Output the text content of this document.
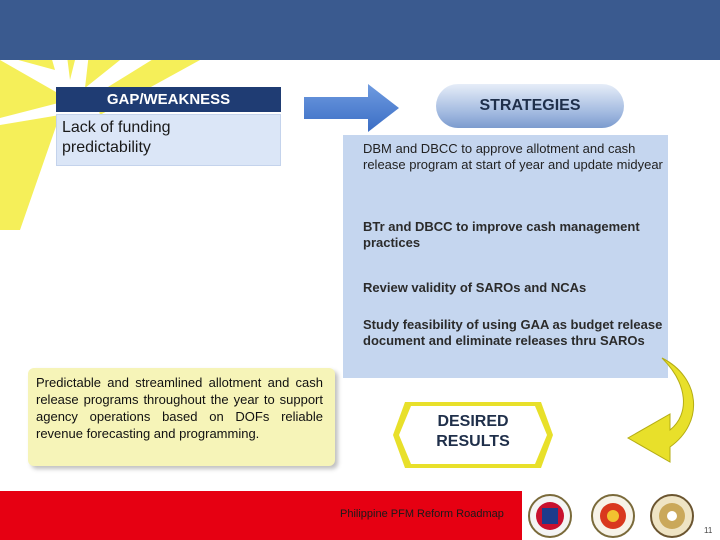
GAP/WEAKNESS
Lack of funding
predictability
STRATEGIES
DBM and DBCC to approve allotment and cash release program at start of year and update midyear
BTr and DBCC to improve cash management practices
Review validity of SAROs and NCAs
Study feasibility of using GAA as budget release document and eliminate releases thru SAROs
Predictable and streamlined allotment and cash release programs throughout the year to support agency operations based on DOFs reliable revenue forecasting and programming.
DESIRED
RESULTS
Philippine PFM Reform Roadmap
11
